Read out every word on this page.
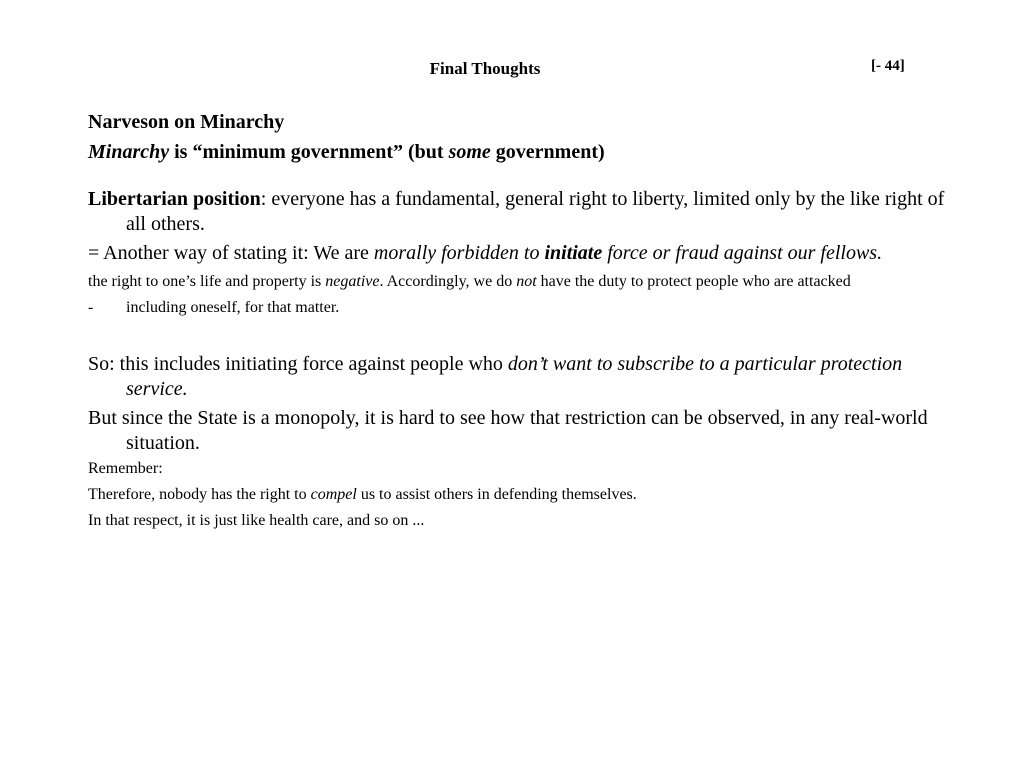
Final Thoughts	[- 44]

Narveson on Minarchy

Minarchy is “minimum government” (but some government)

Libertarian position: everyone has a fundamental, general right to liberty, limited only by the like right of all others.

= Another way of stating it: We are morally forbidden to initiate force or fraud against our fellows.

the right to one’s life and property is negative. Accordingly, we do not have the duty to protect people who are attacked

-	including oneself, for that matter.

So: this includes initiating force against people who don’t want to subscribe to a particular protection service.

But since the State is a monopoly, it is hard to see how that restriction can be observed, in any real-world situation.

Remember:

Therefore, nobody has the right to compel us to assist others in defending themselves.

In that respect, it is just like health care, and so on ...
